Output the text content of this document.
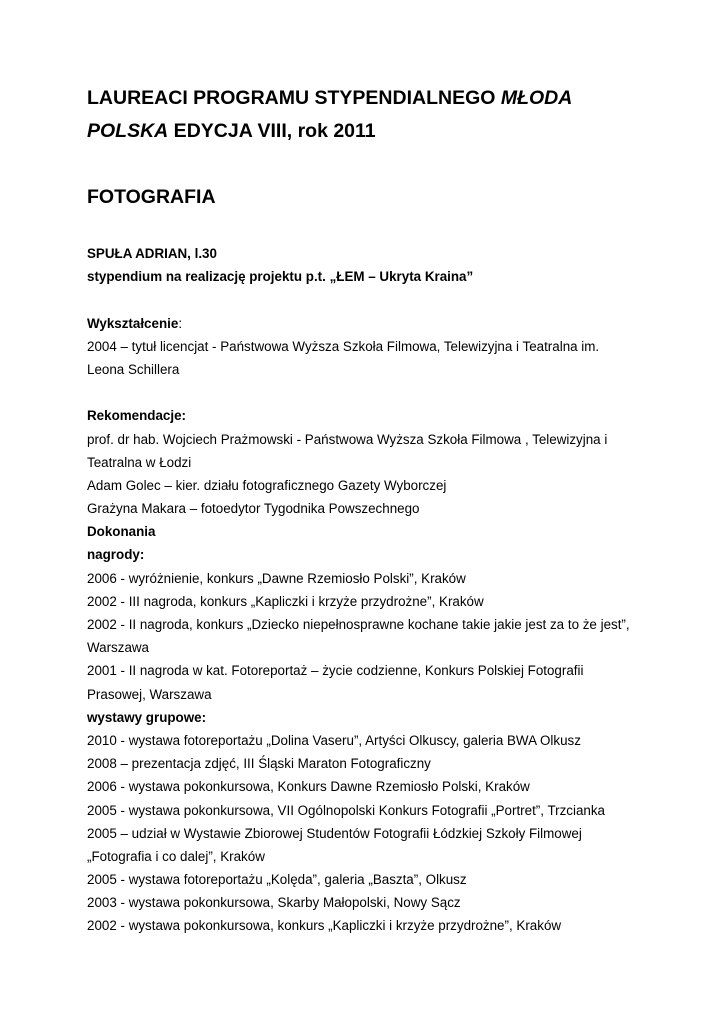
LAUREACI PROGRAMU STYPENDIALNEGO MŁODA
POLSKA EDYCJA VIII, rok 2011
FOTOGRAFIA
SPUŁA ADRIAN, l.30
stypendium na realizację projektu p.t. „ŁEM – Ukryta Kraina”
Wykształcenie:
2004 – tytuł licencjat - Państwowa Wyższa Szkoła Filmowa, Telewizyjna i Teatralna im.
Leona Schillera
Rekomendacje:
prof. dr hab. Wojciech Prażmowski - Państwowa Wyższa Szkoła Filmowa , Telewizyjna i
Teatralna w Łodzi
Adam Golec – kier. działu fotograficznego Gazety Wyborczej
Grażyna Makara – fotoedytor Tygodnika Powszechnego
Dokonania
nagrody:
2006 - wyróżnienie, konkurs „Dawne Rzemiosło Polski”, Kraków
2002 - III nagroda, konkurs „Kapliczki i krzyże przydrożne”, Kraków
2002 - II nagroda, konkurs „Dziecko niepełnosprawne kochane takie jakie jest za to że jest”,
Warszawa
2001 - II nagroda w kat. Fotoreportaż – życie codzienne, Konkurs Polskiej Fotografii
Prasowej, Warszawa
wystawy grupowe:
2010 - wystawa fotoreportażu „Dolina Vaseru”, Artyści Olkuscy, galeria BWA Olkusz
2008 – prezentacja zdjęć, III Śląski Maraton Fotograficzny
2006 - wystawa pokonkursowa, Konkurs Dawne Rzemiosło Polski, Kraków
2005 - wystawa pokonkursowa, VII Ogólnopolski Konkurs Fotografii „Portret”, Trzcianka
2005 – udział w Wystawie Zbiorowej Studentów Fotografii Łódzkiej Szkoły Filmowej
„Fotografia i co dalej”, Kraków
2005 - wystawa fotoreportażu „Kolęda”, galeria „Baszta”, Olkusz
2003 - wystawa pokonkursowa, Skarby Małopolski, Nowy Sącz
2002 - wystawa pokonkursowa, konkurs „Kapliczki i krzyże przydrożne”, Kraków
